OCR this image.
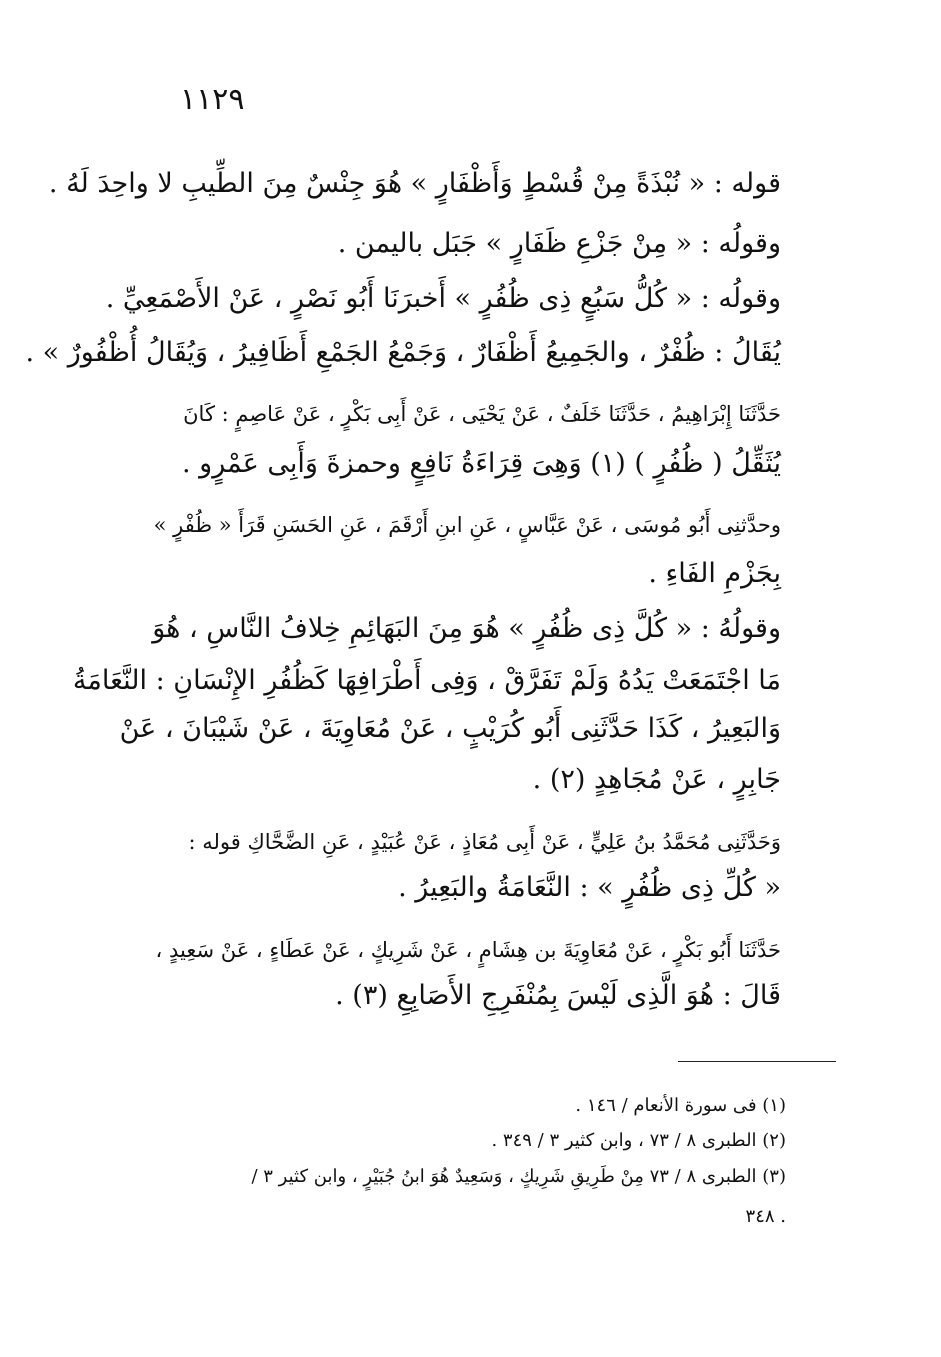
١١٢٩
قوله : « نُبْذَةً مِنْ قُسْطٍ وَأَظْفَارٍ » هُوَ جِنْسٌ مِنَ الطِّيبِ لا واحِدَ لَهُ .
وقولُه : « مِنْ جَزْعِ ظَفَارٍ » جَبَل باليمن .
وقولُه : « كُلُّ سَبُعٍ ذِى ظُفُرٍ » أَخبرَنَا أَبُو نَصْرٍ ، عَنْ الأَصْمَعِيِّ .
يُقَالُ : ظُفْرٌ ، والجَمِيعُ أَظْفَارٌ ، وَجَمْعُ الجَمْعِ أَظَافِيرُ ، وَيُقَالُ أُظْفُورٌ » .
حَدَّثَنَا إِبْرَاهِيمُ ، حَدَّثَنَا خَلَفٌ ، عَنْ يَحْيَى ، عَنْ أَبِى بَكْرٍ ، عَنْ عَاصِمٍ : كَانَ
يُثَقِّلُ ( ظُفُرٍ ) (١) وَهِىَ قِرَاءَةُ نَافِعٍ وحمزةَ وَأَبِى عَمْرٍو .
وحدَّثنِى أَبُو مُوسَى ، عَنْ عَبَّاسٍ ، عَنِ ابنِ أَرْقَمَ ، عَنِ الحَسَنِ قَرَأَ « ظُفْرٍ »
بِجَزْمِ الفَاءِ .
وقولُهُ : « كُلَّ ذِى ظُفُرٍ » هُوَ مِنَ البَهَائِمِ خِلافُ النَّاسِ ، هُوَ
مَا اجْتَمَعَتْ يَدُهُ وَلَمْ تَفَرَّقْ ، وَفِى أَطْرَافِهَا كَظُفُرِ الإِنْسَانِ : النَّعَامَةُ
وَالبَعِيرُ ، كَذَا حَدَّثَنِى أَبُو كُرَيْبٍ ، عَنْ مُعَاوِيَةَ ، عَنْ شَيْبَانَ ، عَنْ
جَابِرٍ ، عَنْ مُجَاهِدٍ (٢) .
وَحَدَّثَنِى مُحَمَّدُ بنُ عَلِيٍّ ، عَنْ أَبِى مُعَاذٍ ، عَنْ عُبَيْدٍ ، عَنِ الضَّحَّاكِ قوله :
« كُلِّ ذِى ظُفُرٍ » : النَّعَامَةُ والبَعِيرُ .
حَدَّثَنَا أَبُو بَكْرٍ ، عَنْ مُعَاوِيَةَ بن هِشَامٍ ، عَنْ شَرِيكٍ ، عَنْ عَطَاءٍ ، عَنْ سَعِيدٍ ،
قَالَ : هُوَ الَّذِى لَيْسَ بِمُنْفَرِجِ الأَصَابِعِ (٣) .
(١) فى سورة الأنعام / ١٤٦ .
(٢) الطبرى ٨ / ٧٣ ، وابن كثير ٣ / ٣٤٩ .
(٣) الطبرى ٨ / ٧٣ مِنْ طَرِيقِ شَرِيكٍ ، وَسَعِيدٌ هُوَ ابنُ جُبَيْرٍ ، وابن كثير ٣ /
. ٣٤٨
